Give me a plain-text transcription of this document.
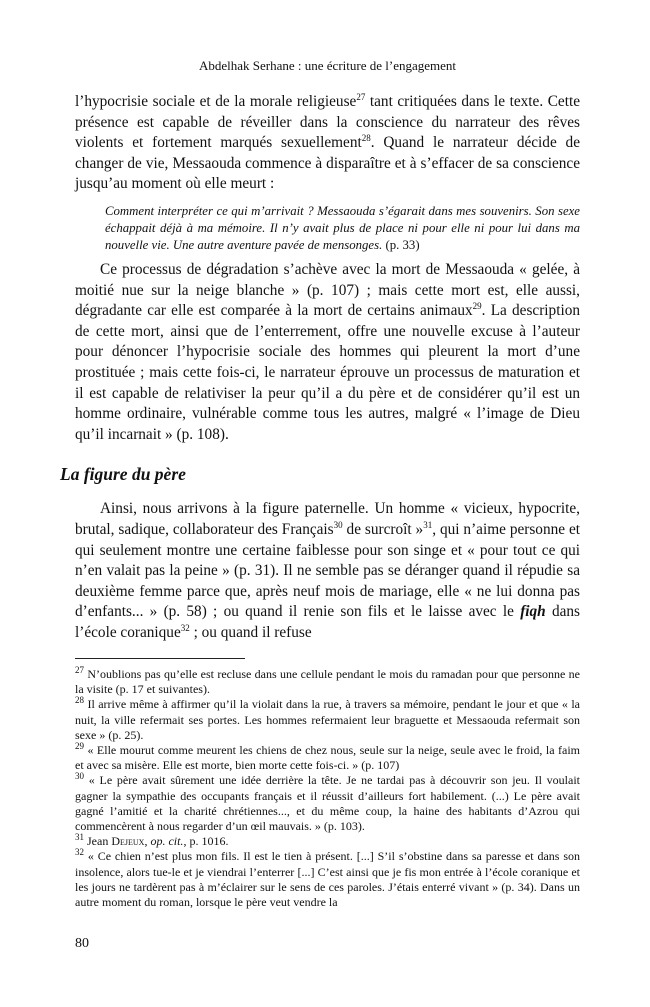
Abdelhak Serhane : une écriture de l’engagement

l’hypocrisie sociale et de la morale religieuse$^{27}$ tant critiquées dans le texte. Cette présence est capable de réveiller dans la conscience du narrateur des rêves violents et fortement marqués sexuellement$^{28}$. Quand le narrateur décide de changer de vie, Messaouda commence à disparaître et à s’effacer de sa conscience jusqu’au moment où elle meurt :

Comment interpréter ce qui m’arrivait ? Messaouda s’égarait dans mes souvenirs. Son sexe échappait déjà à ma mémoire. Il n’y avait plus de place ni pour elle ni pour lui dans ma nouvelle vie. Une autre aventure pavée de mensonges. (p. 33)

Ce processus de dégradation s’achève avec la mort de Messaouda « gelée, à moitié nue sur la neige blanche » (p. 107) ; mais cette mort est, elle aussi, dégradante car elle est comparée à la mort de certains animaux$^{29}$. La description de cette mort, ainsi que de l’enterrement, offre une nouvelle excuse à l’auteur pour dénoncer l’hypocrisie sociale des hommes qui pleurent la mort d’une prostituée ; mais cette fois-ci, le narrateur éprouve un processus de maturation et il est capable de relativiser la peur qu’il a du père et de considérer qu’il est un homme ordinaire, vulnérable comme tous les autres, malgré « l’image de Dieu qu’il incarnait » (p. 108).

La figure du père

Ainsi, nous arrivons à la figure paternelle. Un homme « vicieux, hypocrite, brutal, sadique, collaborateur des Français$^{30}$ de surcroît »$^{31}$, qui n’aime personne et qui seulement montre une certaine faiblesse pour son singe et « pour tout ce qui n’en valait pas la peine » (p. 31). Il ne semble pas se déranger quand il répudie sa deuxième femme parce que, après neuf mois de mariage, elle « ne lui donna pas d’enfants... » (p. 58) ; ou quand il renie son fils et le laisse avec le fiqh dans l’école coranique$^{32}$ ; ou quand il refuse

$^{27}$ N’oublions pas qu’elle est recluse dans une cellule pendant le mois du ramadan pour que personne ne la visite (p. 17 et suivantes).

$^{28}$ Il arrive même à affirmer qu’il la violait dans la rue, à travers sa mémoire, pendant le jour et que « la nuit, la ville refermait ses portes. Les hommes refermaient leur braguette et Messaouda refermait son sexe » (p. 25).

$^{29}$ « Elle mourut comme meurent les chiens de chez nous, seule sur la neige, seule avec le froid, la faim et avec sa misère. Elle est morte, bien morte cette fois-ci. » (p. 107)

$^{30}$ « Le père avait sûrement une idée derrière la tête. Je ne tardai pas à découvrir son jeu. Il voulait gagner la sympathie des occupants français et il réussit d’ailleurs fort habilement. (...) Le père avait gagné l’amitié et la charité chrétiennes..., et du même coup, la haine des habitants d’Azrou qui commencèrent à nous regarder d’un œil mauvais. » (p. 103).

$^{31}$ Jean Dejeux, op. cit., p. 1016.

$^{32}$ « Ce chien n’est plus mon fils. Il est le tien à présent. [...] S’il s’obstine dans sa paresse et dans son insolence, alors tue-le et je viendrai l’enterrer [...] C’est ainsi que je fis mon entrée à l’école coranique et les jours ne tardèrent pas à m’éclairer sur le sens de ces paroles. J’étais enterré vivant » (p. 34). Dans un autre moment du roman, lorsque le père veut vendre la

80
